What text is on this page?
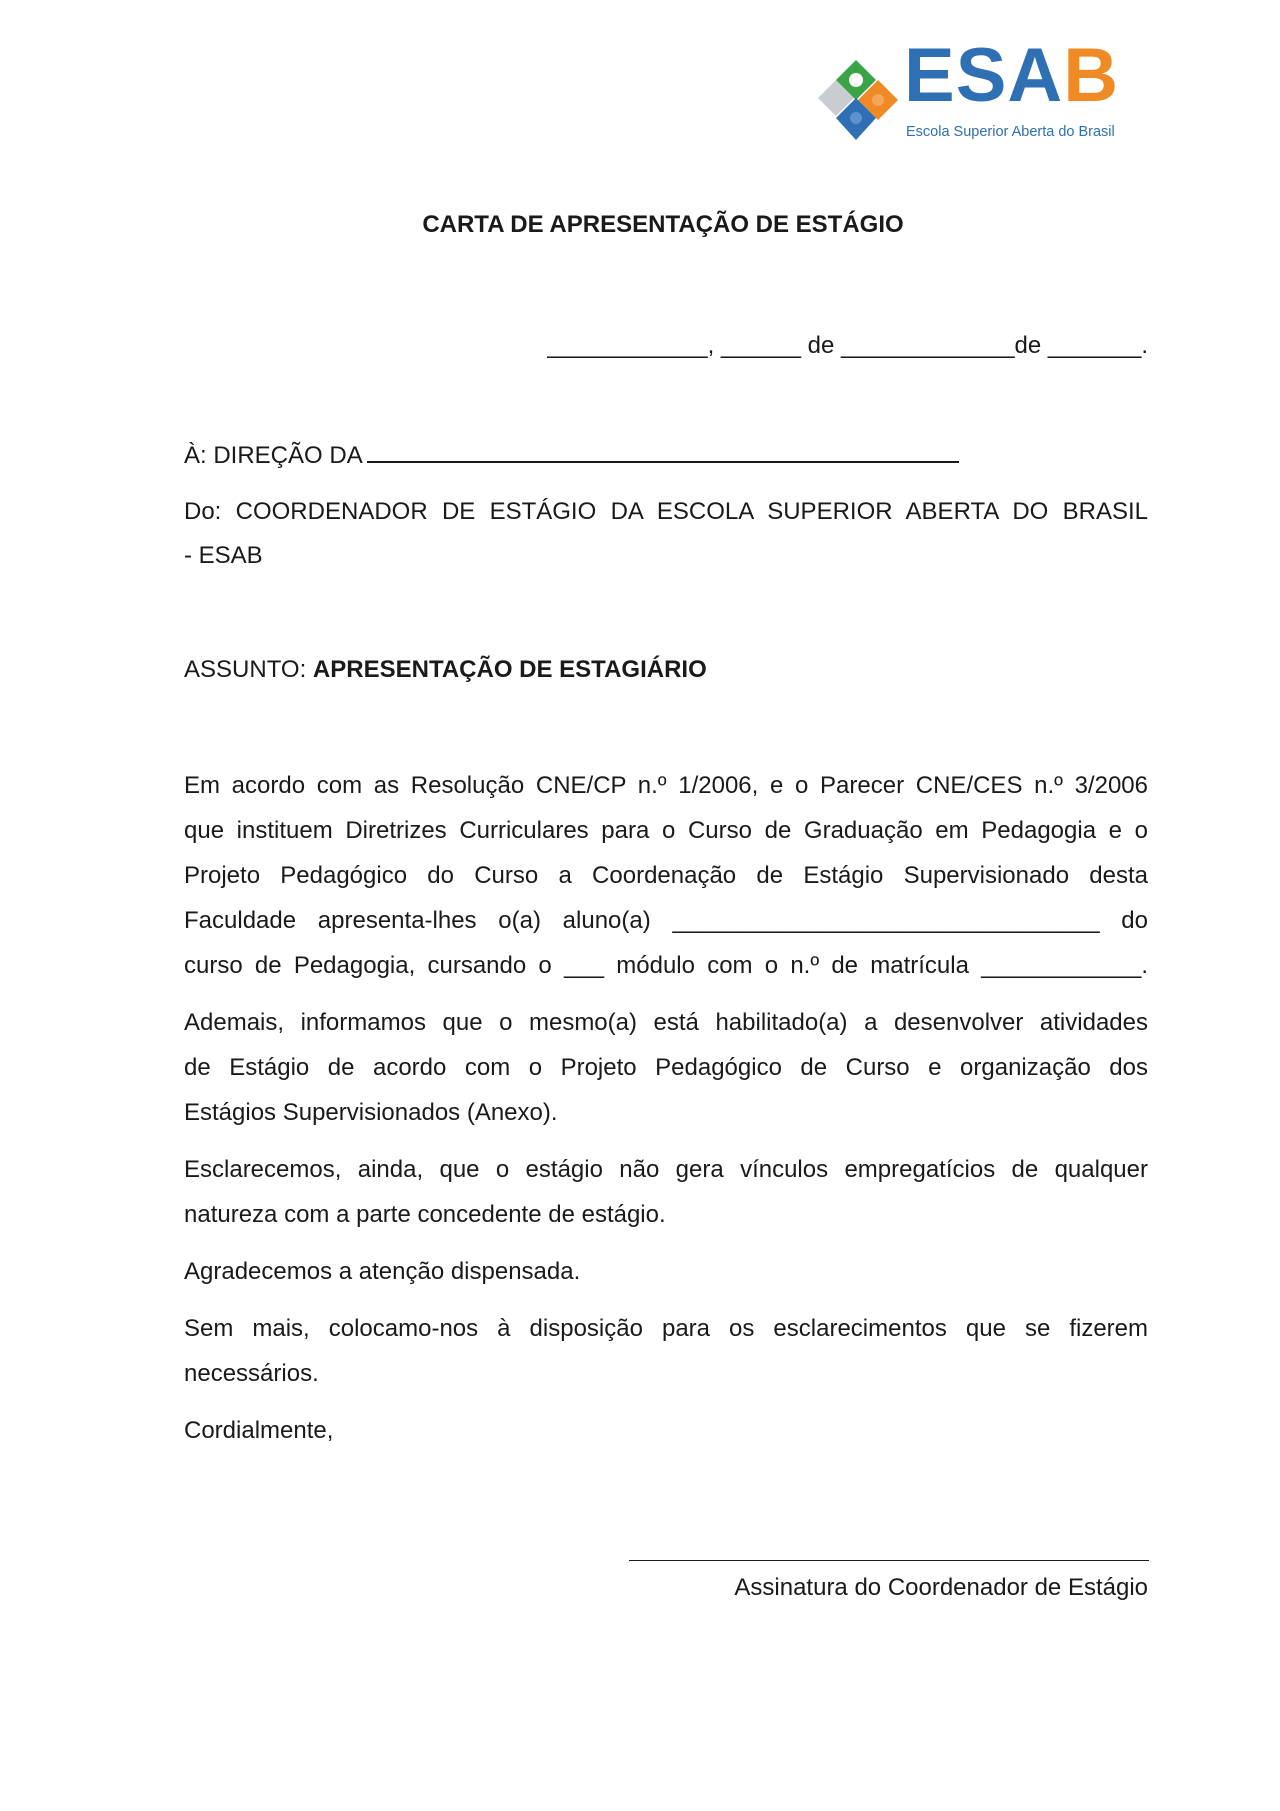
ESAB
Escola Superior Aberta do Brasil
CARTA DE APRESENTAÇÃO DE ESTÁGIO
____________, ______ de _____________de _______.
À: DIREÇÃO DA
Do: COORDENADOR DE ESTÁGIO DA ESCOLA SUPERIOR ABERTA DO BRASIL
- ESAB
ASSUNTO: APRESENTAÇÃO DE ESTAGIÁRIO
Em acordo com as Resolução CNE/CP n.º 1/2006, e o Parecer CNE/CES n.º 3/2006
que instituem Diretrizes Curriculares para o Curso de Graduação em Pedagogia e o
Projeto Pedagógico do Curso a Coordenação de Estágio Supervisionado desta
Faculdade apresenta-lhes o(a) aluno(a) ________________________________ do
curso de Pedagogia, cursando o ___ módulo com o n.º de matrícula ____________.
Ademais, informamos que o mesmo(a) está habilitado(a) a desenvolver atividades
de Estágio de acordo com o Projeto Pedagógico de Curso e organização dos
Estágios Supervisionados (Anexo).
Esclarecemos, ainda, que o estágio não gera vínculos empregatícios de qualquer
natureza com a parte concedente de estágio.
Agradecemos a atenção dispensada.
Sem mais, colocamo-nos à disposição para os esclarecimentos que se fizerem
necessários.
Cordialmente,
Assinatura do Coordenador de Estágio
